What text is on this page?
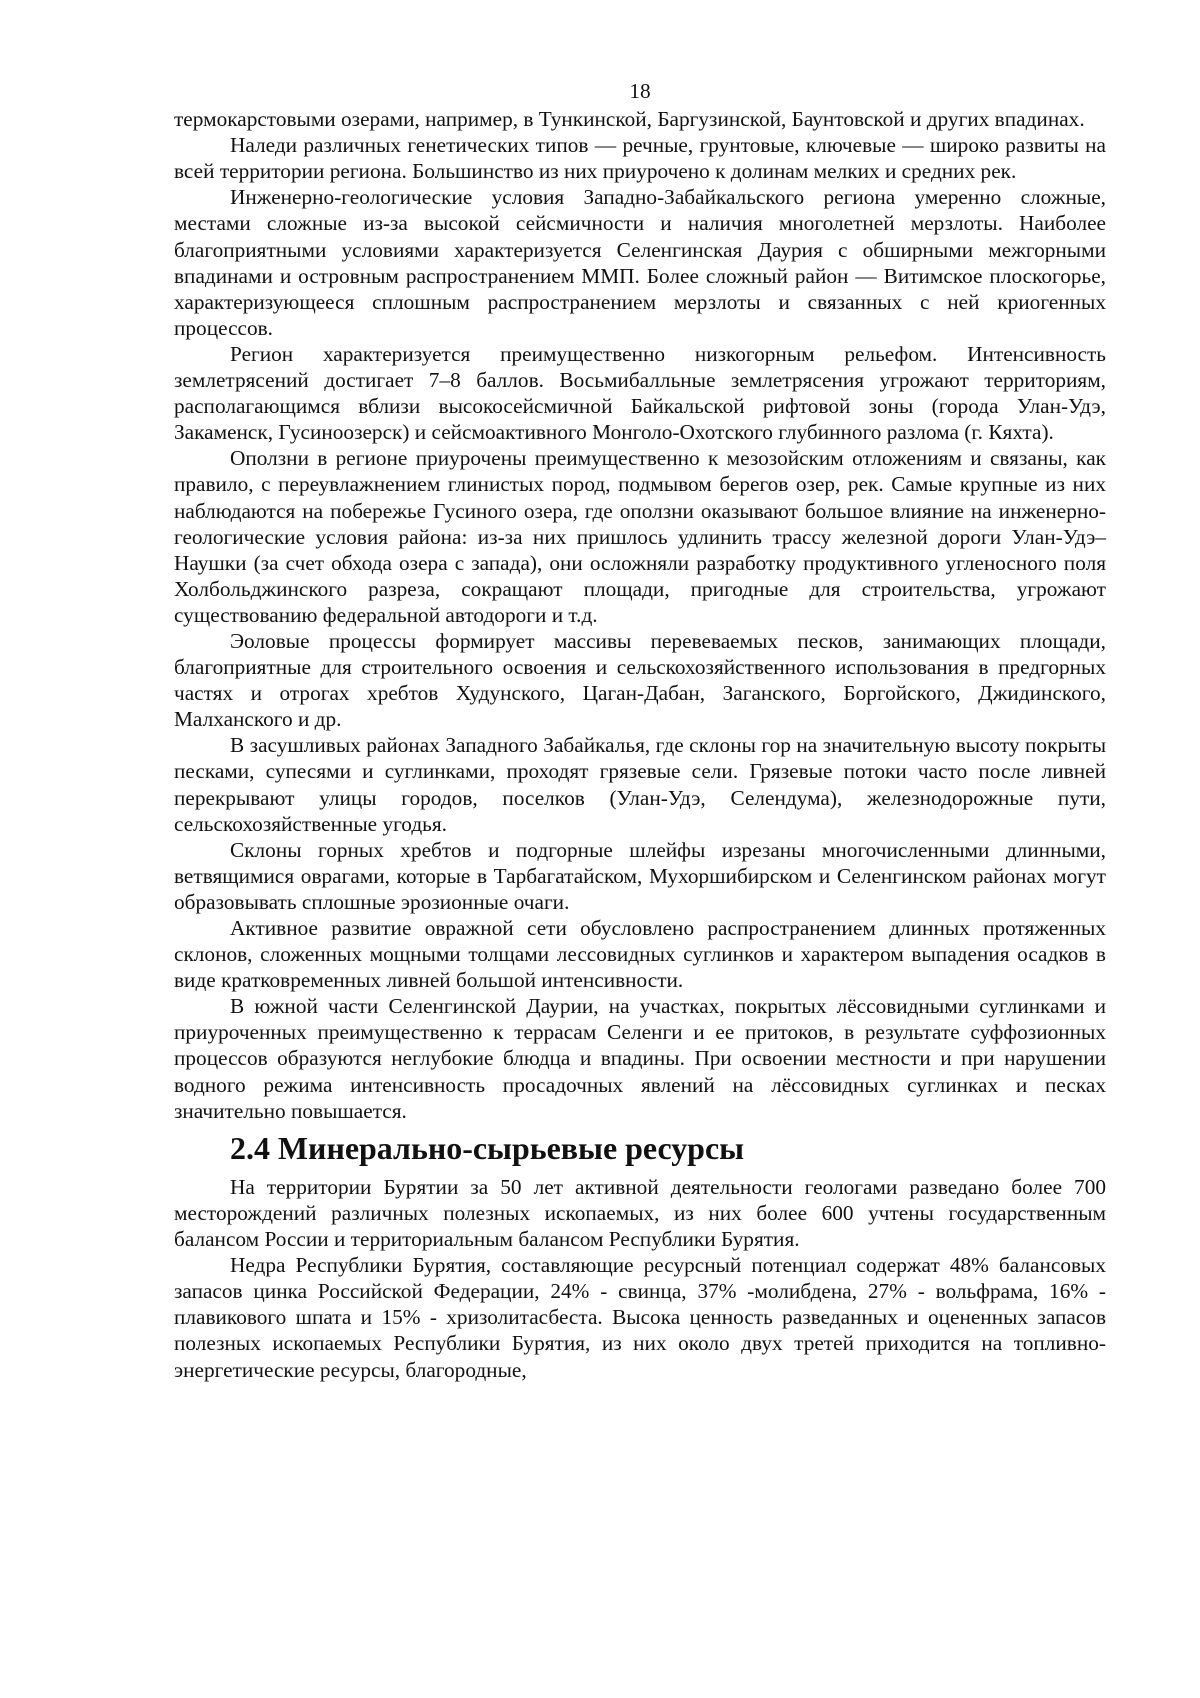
18

термокарстовыми озерами, например, в Тункинской, Баргузинской, Баунтовской и других впадинах.

Наледи различных генетических типов — речные, грунтовые, ключевые — широко развиты на всей территории региона. Большинство из них приурочено к долинам мелких и средних рек.

Инженерно-геологические условия Западно-Забайкальского региона умеренно сложные, местами сложные из-за высокой сейсмичности и наличия многолетней мерзлоты. Наиболее благоприятными условиями характеризуется Селенгинская Даурия с обширными межгорными впадинами и островным распространением ММП. Более сложный район — Витимское плоскогорье, характеризующееся сплошным распространением мерзлоты и связанных с ней криогенных процессов.

Регион характеризуется преимущественно низкогорным рельефом. Интенсивность землетрясений достигает 7–8 баллов. Восьмибалльные землетрясения угрожают территориям, располагающимся вблизи высокосейсмичной Байкальской рифтовой зоны (города Улан-Удэ, Закаменск, Гусиноозерск) и сейсмоактивного Монголо-Охотского глубинного разлома (г. Кяхта).

Оползни в регионе приурочены преимущественно к мезозойским отложениям и связаны, как правило, с переувлажнением глинистых пород, подмывом берегов озер, рек. Самые крупные из них наблюдаются на побережье Гусиного озера, где оползни оказывают большое влияние на инженерно-геологические условия района: из-за них пришлось удлинить трассу железной дороги Улан-Удэ–Наушки (за счет обхода озера с запада), они осложняли разработку продуктивного угленосного поля Холбольджинского разреза, сокращают площади, пригодные для строительства, угрожают существованию федеральной автодороги и т.д.

Эоловые процессы формирует массивы перевеваемых песков, занимающих площади, благоприятные для строительного освоения и сельскохозяйственного использования в предгорных частях и отрогах хребтов Худунского, Цаган-Дабан, Заганского, Боргойского, Джидинского, Малханского и др.

В засушливых районах Западного Забайкалья, где склоны гор на значительную высоту покрыты песками, супесями и суглинками, проходят грязевые сели. Грязевые потоки часто после ливней перекрывают улицы городов, поселков (Улан-Удэ, Селендума), железнодорожные пути, сельскохозяйственные угодья.

Склоны горных хребтов и подгорные шлейфы изрезаны многочисленными длинными, ветвящимися оврагами, которые в Тарбагатайском, Мухоршибирском и Селенгинском районах могут образовывать сплошные эрозионные очаги.

Активное развитие овражной сети обусловлено распространением длинных протяженных склонов, сложенных мощными толщами лессовидных суглинков и характером выпадения осадков в виде кратковременных ливней большой интенсивности.

В южной части Селенгинской Даурии, на участках, покрытых лёссовидными суглинками и приуроченных преимущественно к террасам Селенги и ее притоков, в результате суффозионных процессов образуются неглубокие блюдца и впадины. При освоении местности и при нарушении водного режима интенсивность просадочных явлений на лёссовидных суглинках и песках значительно повышается.

2.4 Минерально-сырьевые ресурсы

На территории Бурятии за 50 лет активной деятельности геологами разведано более 700 месторождений различных полезных ископаемых, из них более 600 учтены государственным балансом России и территориальным балансом Республики Бурятия.

Недра Республики Бурятия, составляющие ресурсный потенциал содержат 48% балансовых запасов цинка Российской Федерации, 24% - свинца, 37% -молибдена, 27% - вольфрама, 16% - плавикового шпата и 15% - хризолитасбеста. Высока ценность разведанных и оцененных запасов полезных ископаемых Республики Бурятия, из них около двух третей приходится на топливно-энергетические ресурсы, благородные,
